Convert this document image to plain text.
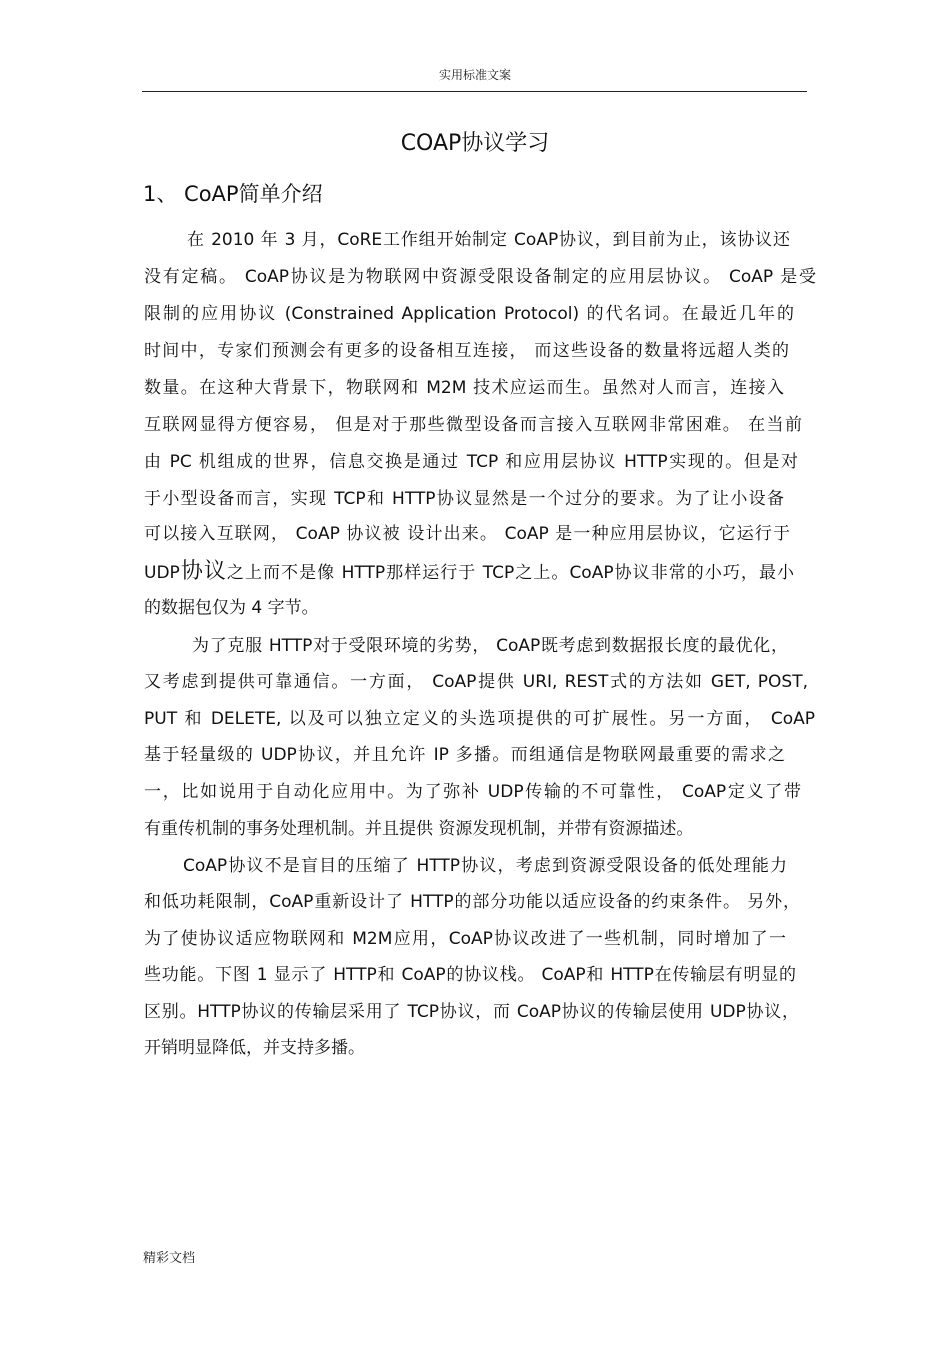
实用标准文案
COAP协议学习
1、 CoAP简单介绍
在 2010 年 3 月，CoRE工作组开始制定 CoAP协议，到目前为止，该协议还
没有定稿。 CoAP协议是为物联网中资源受限设备制定的应用层协议。 CoAP 是受
限制的应用协议 (Constrained Application Protocol) 的代名词。在最近几年的
时间中，专家们预测会有更多的设备相互连接， 而这些设备的数量将远超人类的
数量。在这种大背景下，物联网和 M2M 技术应运而生。虽然对人而言，连接入
互联网显得方便容易， 但是对于那些微型设备而言接入互联网非常困难。 在当前
由 PC 机组成的世界，信息交换是通过 TCP 和应用层协议 HTTP实现的。但是对
于小型设备而言，实现 TCP和 HTTP协议显然是一个过分的要求。为了让小设备
可以接入互联网， CoAP 协议被 设计出来。 CoAP 是一种应用层协议，它运行于
UDP协议之上而不是像 HTTP那样运行于 TCP之上。CoAP协议非常的小巧，最小
的数据包仅为 4 字节。
为了克服 HTTP对于受限环境的劣势， CoAP既考虑到数据报长度的最优化，
又考虑到提供可靠通信。一方面， CoAP提供 URI, REST式的方法如 GET, POST,
PUT 和 DELETE, 以及可以独立定义的头选项提供的可扩展性。另一方面， CoAP
基于轻量级的 UDP协议，并且允许 IP 多播。而组通信是物联网最重要的需求之
一，比如说用于自动化应用中。为了弥补 UDP传输的不可靠性， CoAP定义了带
有重传机制的事务处理机制。并且提供 资源发现机制，并带有资源描述。
CoAP协议不是盲目的压缩了 HTTP协议，考虑到资源受限设备的低处理能力
和低功耗限制，CoAP重新设计了 HTTP的部分功能以适应设备的约束条件。 另外，
为了使协议适应物联网和 M2M应用，CoAP协议改进了一些机制，同时增加了一
些功能。下图 1 显示了 HTTP和 CoAP的协议栈。 CoAP和 HTTP在传输层有明显的
区别。HTTP协议的传输层采用了 TCP协议，而 CoAP协议的传输层使用 UDP协议，
开销明显降低，并支持多播。
精彩文档
